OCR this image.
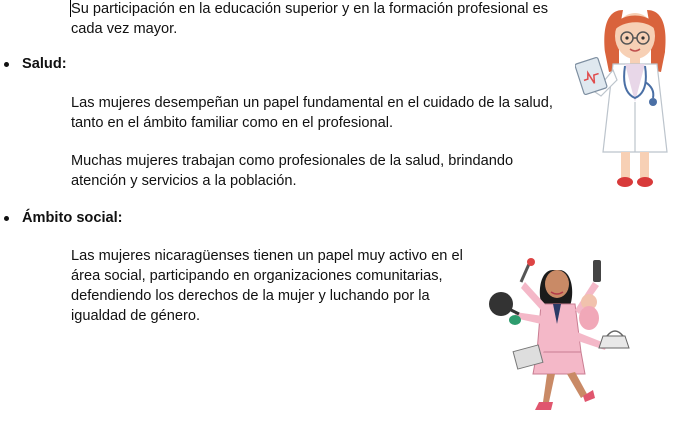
Su participación en la educación superior y en la formación profesional es cada vez mayor.

Salud:

Las mujeres desempeñan un papel fundamental en el cuidado de la salud, tanto en el ámbito familiar como en el profesional.

Muchas mujeres trabajan como profesionales de la salud, brindando atención y servicios a la población.

Ámbito social:

Las mujeres nicaragüenses tienen un papel muy activo en el área social, participando en organizaciones comunitarias, defendiendo los derechos de la mujer y luchando por la igualdad de género.
